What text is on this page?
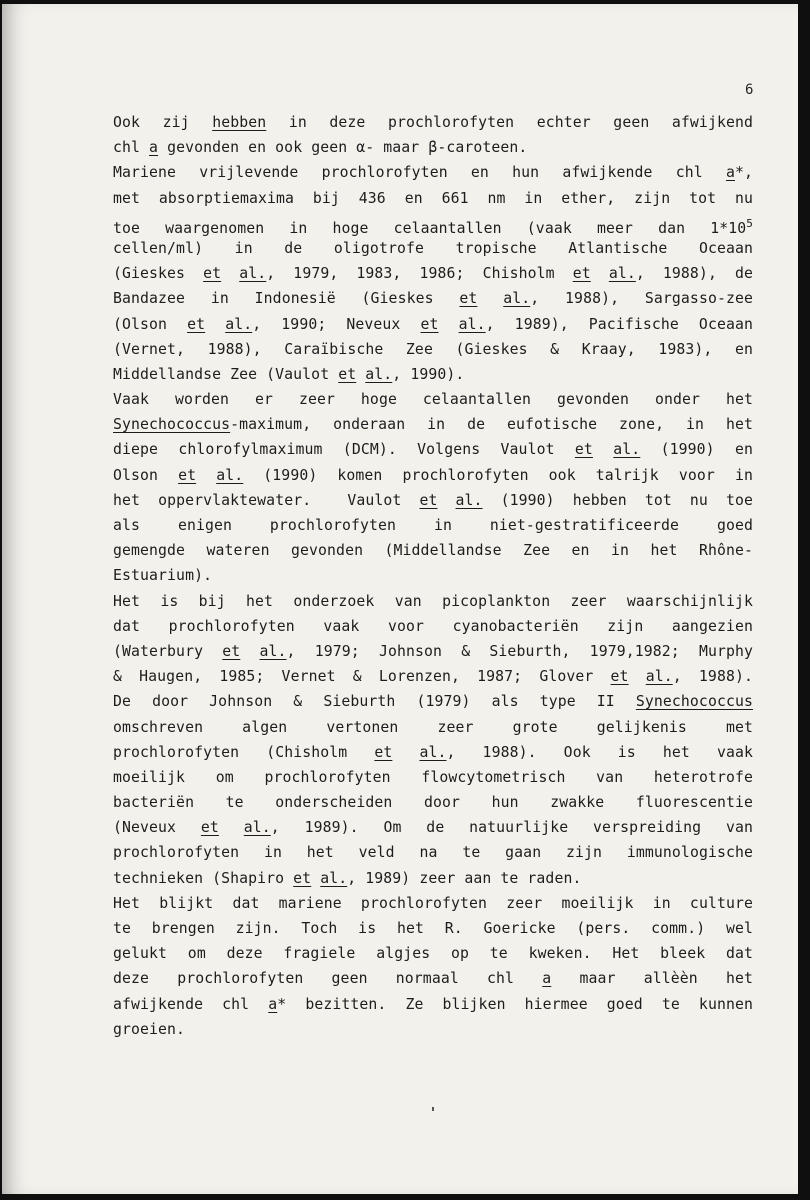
6
Ook zij hebben in deze prochlorofyten echter geen afwijkend
chl a gevonden en ook geen α- maar β-caroteen.
Mariene vrijlevende prochlorofyten en hun afwijkende chl a*,
met absorptiemaxima bij 436 en 661 nm in ether, zijn tot nu
toe waargenomen in hoge celaantallen (vaak meer dan $1*10^5$
cellen/ml) in de oligotrofe tropische Atlantische Oceaan
(Gieskes et al., 1979, 1983, 1986; Chisholm et al., 1988), de
Bandazee in Indonesië (Gieskes et al., 1988), Sargasso-zee
(Olson et al., 1990; Neveux et al., 1989), Pacifische Oceaan
(Vernet, 1988), Caraïbische Zee (Gieskes & Kraay, 1983), en
Middellandse Zee (Vaulot et al., 1990).
Vaak worden er zeer hoge celaantallen gevonden onder het
Synechococcus-maximum, onderaan in de eufotische zone, in het
diepe chlorofylmaximum (DCM). Volgens Vaulot et al. (1990) en
Olson et al. (1990) komen prochlorofyten ook talrijk voor in
het oppervlaktewater.  Vaulot et al. (1990) hebben tot nu toe
als enigen prochlorofyten in niet-gestratificeerde goed
gemengde wateren gevonden (Middellandse Zee en in het Rhône-
Estuarium).
Het is bij het onderzoek van picoplankton zeer waarschijnlijk
dat prochlorofyten vaak voor cyanobacteriën zijn aangezien
(Waterbury et al., 1979; Johnson & Sieburth, 1979,1982; Murphy
& Haugen, 1985; Vernet & Lorenzen, 1987; Glover et al., 1988).
De door Johnson & Sieburth (1979) als type II Synechococcus
omschreven algen vertonen zeer grote gelijkenis met
prochlorofyten (Chisholm et al., 1988). Ook is het vaak
moeilijk om prochlorofyten flowcytometrisch van heterotrofe
bacteriën te onderscheiden door hun zwakke fluorescentie
(Neveux et al., 1989). Om de natuurlijke verspreiding van
prochlorofyten in het veld na te gaan zijn immunologische
technieken (Shapiro et al., 1989) zeer aan te raden.
Het blijkt dat mariene prochlorofyten zeer moeilijk in culture
te brengen zijn. Toch is het R. Goericke (pers. comm.) wel
gelukt om deze fragiele algjes op te kweken. Het bleek dat
deze prochlorofyten geen normaal chl a maar allèèn het
afwijkende chl a* bezitten. Ze blijken hiermee goed te kunnen
groeien.
